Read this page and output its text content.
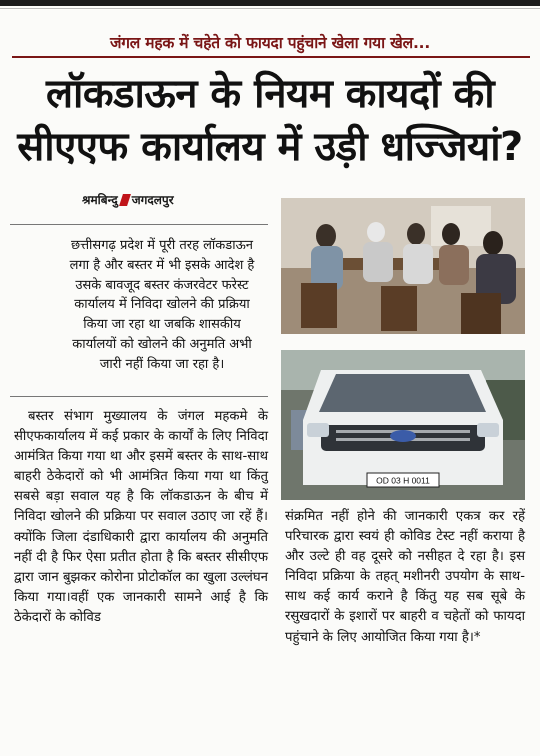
जंगल महक में चहेते को फायदा पहुंचाने खेला गया खेल...
लॉकडाऊन के नियम कायदों की
सीएएफ कार्यालय में उड़ी धज्जियां?
श्रमबिन्दु जगदलपुर
छत्तीसगढ़ प्रदेश में पूरी तरह लॉकडाऊन लगा है और बस्तर में भी इसके आदेश है उसके बावजूद बस्तर कंजरवेटर फरेस्ट कार्यालय में निविदा खोलने की प्रक्रिया किया जा रहा था जबकि शासकीय कार्यालयों को खोलने की अनुमति अभी जारी नहीं किया जा रहा है।
बस्तर संभाग मुख्यालय के जंगल महकमे के सीएफकार्यालय में कई प्रकार के कार्यों के लिए निविदा आमंत्रित किया गया था और इसमें बस्तर के साथ-साथ बाहरी ठेकेदारों को भी आमंत्रित किया गया था किंतु सबसे बड़ा सवाल यह है कि लॉकडाऊन के बीच में निविदा खोलने की प्रक्रिया पर सवाल उठाए जा रहें हैं। क्योंकि जिला दंडाधिकारी द्वारा कार्यालय की अनुमति नहीं दी है फिर ऐसा प्रतीत होता है कि बस्तर सीसीएफ द्वारा जान बुझकर कोरोना प्रोटोकॉल का खुला उल्लंघन किया गया।वहीं एक जानकारी सामने आई है कि ठेकेदारों के कोविड
संक्रमित नहीं होने की जानकारी एकत्र कर रहें परिचारक द्वारा स्वयं ही कोविड टेस्ट नहीं कराया है और उल्टे ही वह दूसरे को नसीहत दे रहा है। इस निविदा प्रक्रिया के तहत् मशीनरी उपयोग के साथ-साथ कई कार्य कराने है किंतु यह सब सूबे के रसुखदारों के इशारों पर बाहरी व चहेतों को फायदा पहुंचाने के लिए आयोजित किया गया है।*
OD 03 H 0011
